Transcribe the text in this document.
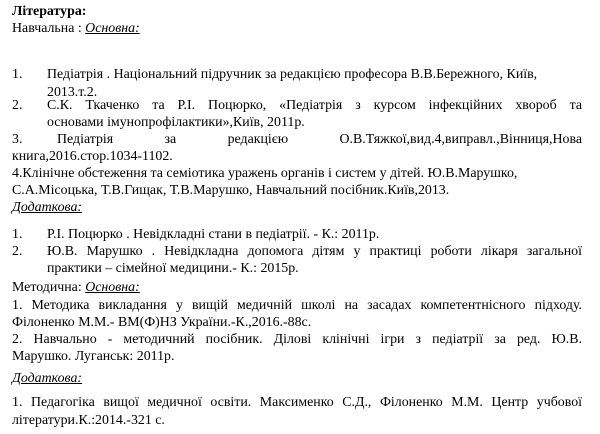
Література:
Навчальна : Основна:
1. Педіатрія . Національний підручник за редакцією професора В.В.Бережного, Київ,
2013.т.2.
2. С.К. Ткаченко та Р.І. Поцюрко, «Педіатрія з курсом інфекційних хвороб та
основами імунопрофілактики»,Київ, 2011р.
3. Педіатрія за редакцією О.В.Тяжкої,вид.4,виправл.,Вінниця,Нова
книга,2016.стор.1034-1102.
4.Клінічне обстеження та семіотика уражень органів і систем у дітей. Ю.В.Марушко,
С.А.Місоцька, Т.В.Гищак, Т.В.Марушко, Навчальний посібник.Київ,2013.
Додаткова:
1. Р.І. Поцюрко . Невідкладні стани в педіатрії. - К.: 2011р.
2. Ю.В. Марушко . Невідкладна допомога дітям у практиці роботи лікаря загальної
практики – сімейної медицини.- К.: 2015р.
Методична: Основна:
1. Методика викладання у вищій медичній школі на засадах компетентнісного підходу.
Філоненко М.М.- ВМ(Ф)НЗ України.-К.,2016.-88с.
2. Навчально - методичний посібник. Ділові клінічні ігри з педіатрії за ред. Ю.В.
Марушко. Луганськ: 2011р.
Додаткова:
1. Педагогіка вищої медичної освіти. Максименко С.Д., Філоненко М.М. Центр учбової
літератури.К.:2014.-321 с.
